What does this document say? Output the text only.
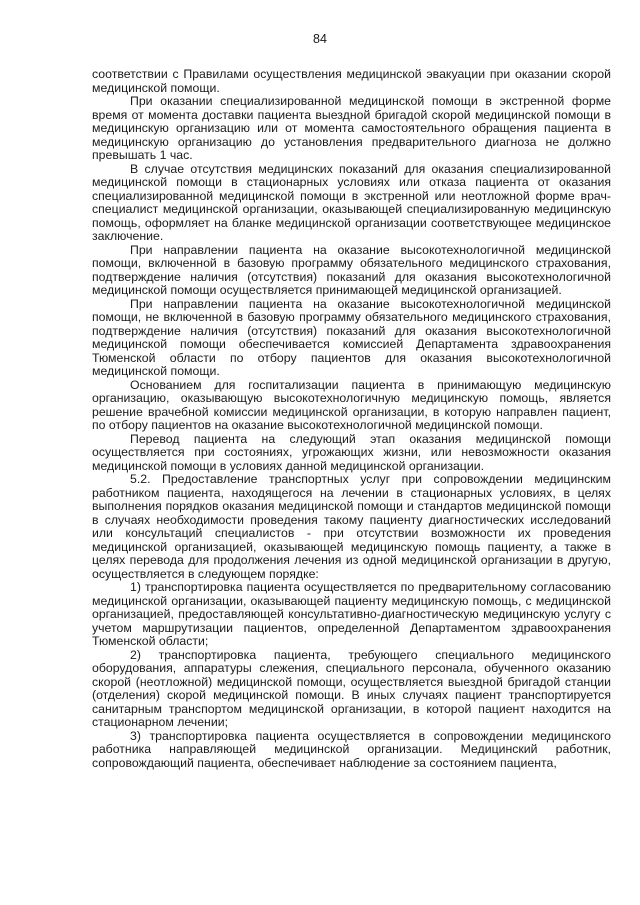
84

соответствии с Правилами осуществления медицинской эвакуации при оказании скорой медицинской помощи.

При оказании специализированной медицинской помощи в экстренной форме время от момента доставки пациента выездной бригадой скорой медицинской помощи в медицинскую организацию или от момента самостоятельного обращения пациента в медицинскую организацию до установления предварительного диагноза не должно превышать 1 час.

В случае отсутствия медицинских показаний для оказания специализированной медицинской помощи в стационарных условиях или отказа пациента от оказания специализированной медицинской помощи в экстренной или неотложной форме врач-специалист медицинской организации, оказывающей специализированную медицинскую помощь, оформляет на бланке медицинской организации соответствующее медицинское заключение.

При направлении пациента на оказание высокотехнологичной медицинской помощи, включенной в базовую программу обязательного медицинского страхования, подтверждение наличия (отсутствия) показаний для оказания высокотехнологичной медицинской помощи осуществляется принимающей медицинской организацией.

При направлении пациента на оказание высокотехнологичной медицинской помощи, не включенной в базовую программу обязательного медицинского страхования, подтверждение наличия (отсутствия) показаний для оказания высокотехнологичной медицинской помощи обеспечивается комиссией Департамента здравоохранения Тюменской области по отбору пациентов для оказания высокотехнологичной медицинской помощи.

Основанием для госпитализации пациента в принимающую медицинскую организацию, оказывающую высокотехнологичную медицинскую помощь, является решение врачебной комиссии медицинской организации, в которую направлен пациент, по отбору пациентов на оказание высокотехнологичной медицинской помощи.

Перевод пациента на следующий этап оказания медицинской помощи осуществляется при состояниях, угрожающих жизни, или невозможности оказания медицинской помощи в условиях данной медицинской организации.

5.2. Предоставление транспортных услуг при сопровождении медицинским работником пациента, находящегося на лечении в стационарных условиях, в целях выполнения порядков оказания медицинской помощи и стандартов медицинской помощи в случаях необходимости проведения такому пациенту диагностических исследований или консультаций специалистов - при отсутствии возможности их проведения медицинской организацией, оказывающей медицинскую помощь пациенту, а также в целях перевода для продолжения лечения из одной медицинской организации в другую, осуществляется в следующем порядке:

1) транспортировка пациента осуществляется по предварительному согласованию медицинской организации, оказывающей пациенту медицинскую помощь, с медицинской организацией, предоставляющей консультативно-диагностическую медицинскую услугу с учетом маршрутизации пациентов, определенной Департаментом здравоохранения Тюменской области;

2) транспортировка пациента, требующего специального медицинского оборудования, аппаратуры слежения, специального персонала, обученного оказанию скорой (неотложной) медицинской помощи, осуществляется выездной бригадой станции (отделения) скорой медицинской помощи. В иных случаях пациент транспортируется санитарным транспортом медицинской организации, в которой пациент находится на стационарном лечении;

3) транспортировка пациента осуществляется в сопровождении медицинского работника направляющей медицинской организации. Медицинский работник, сопровождающий пациента, обеспечивает наблюдение за состоянием пациента,
